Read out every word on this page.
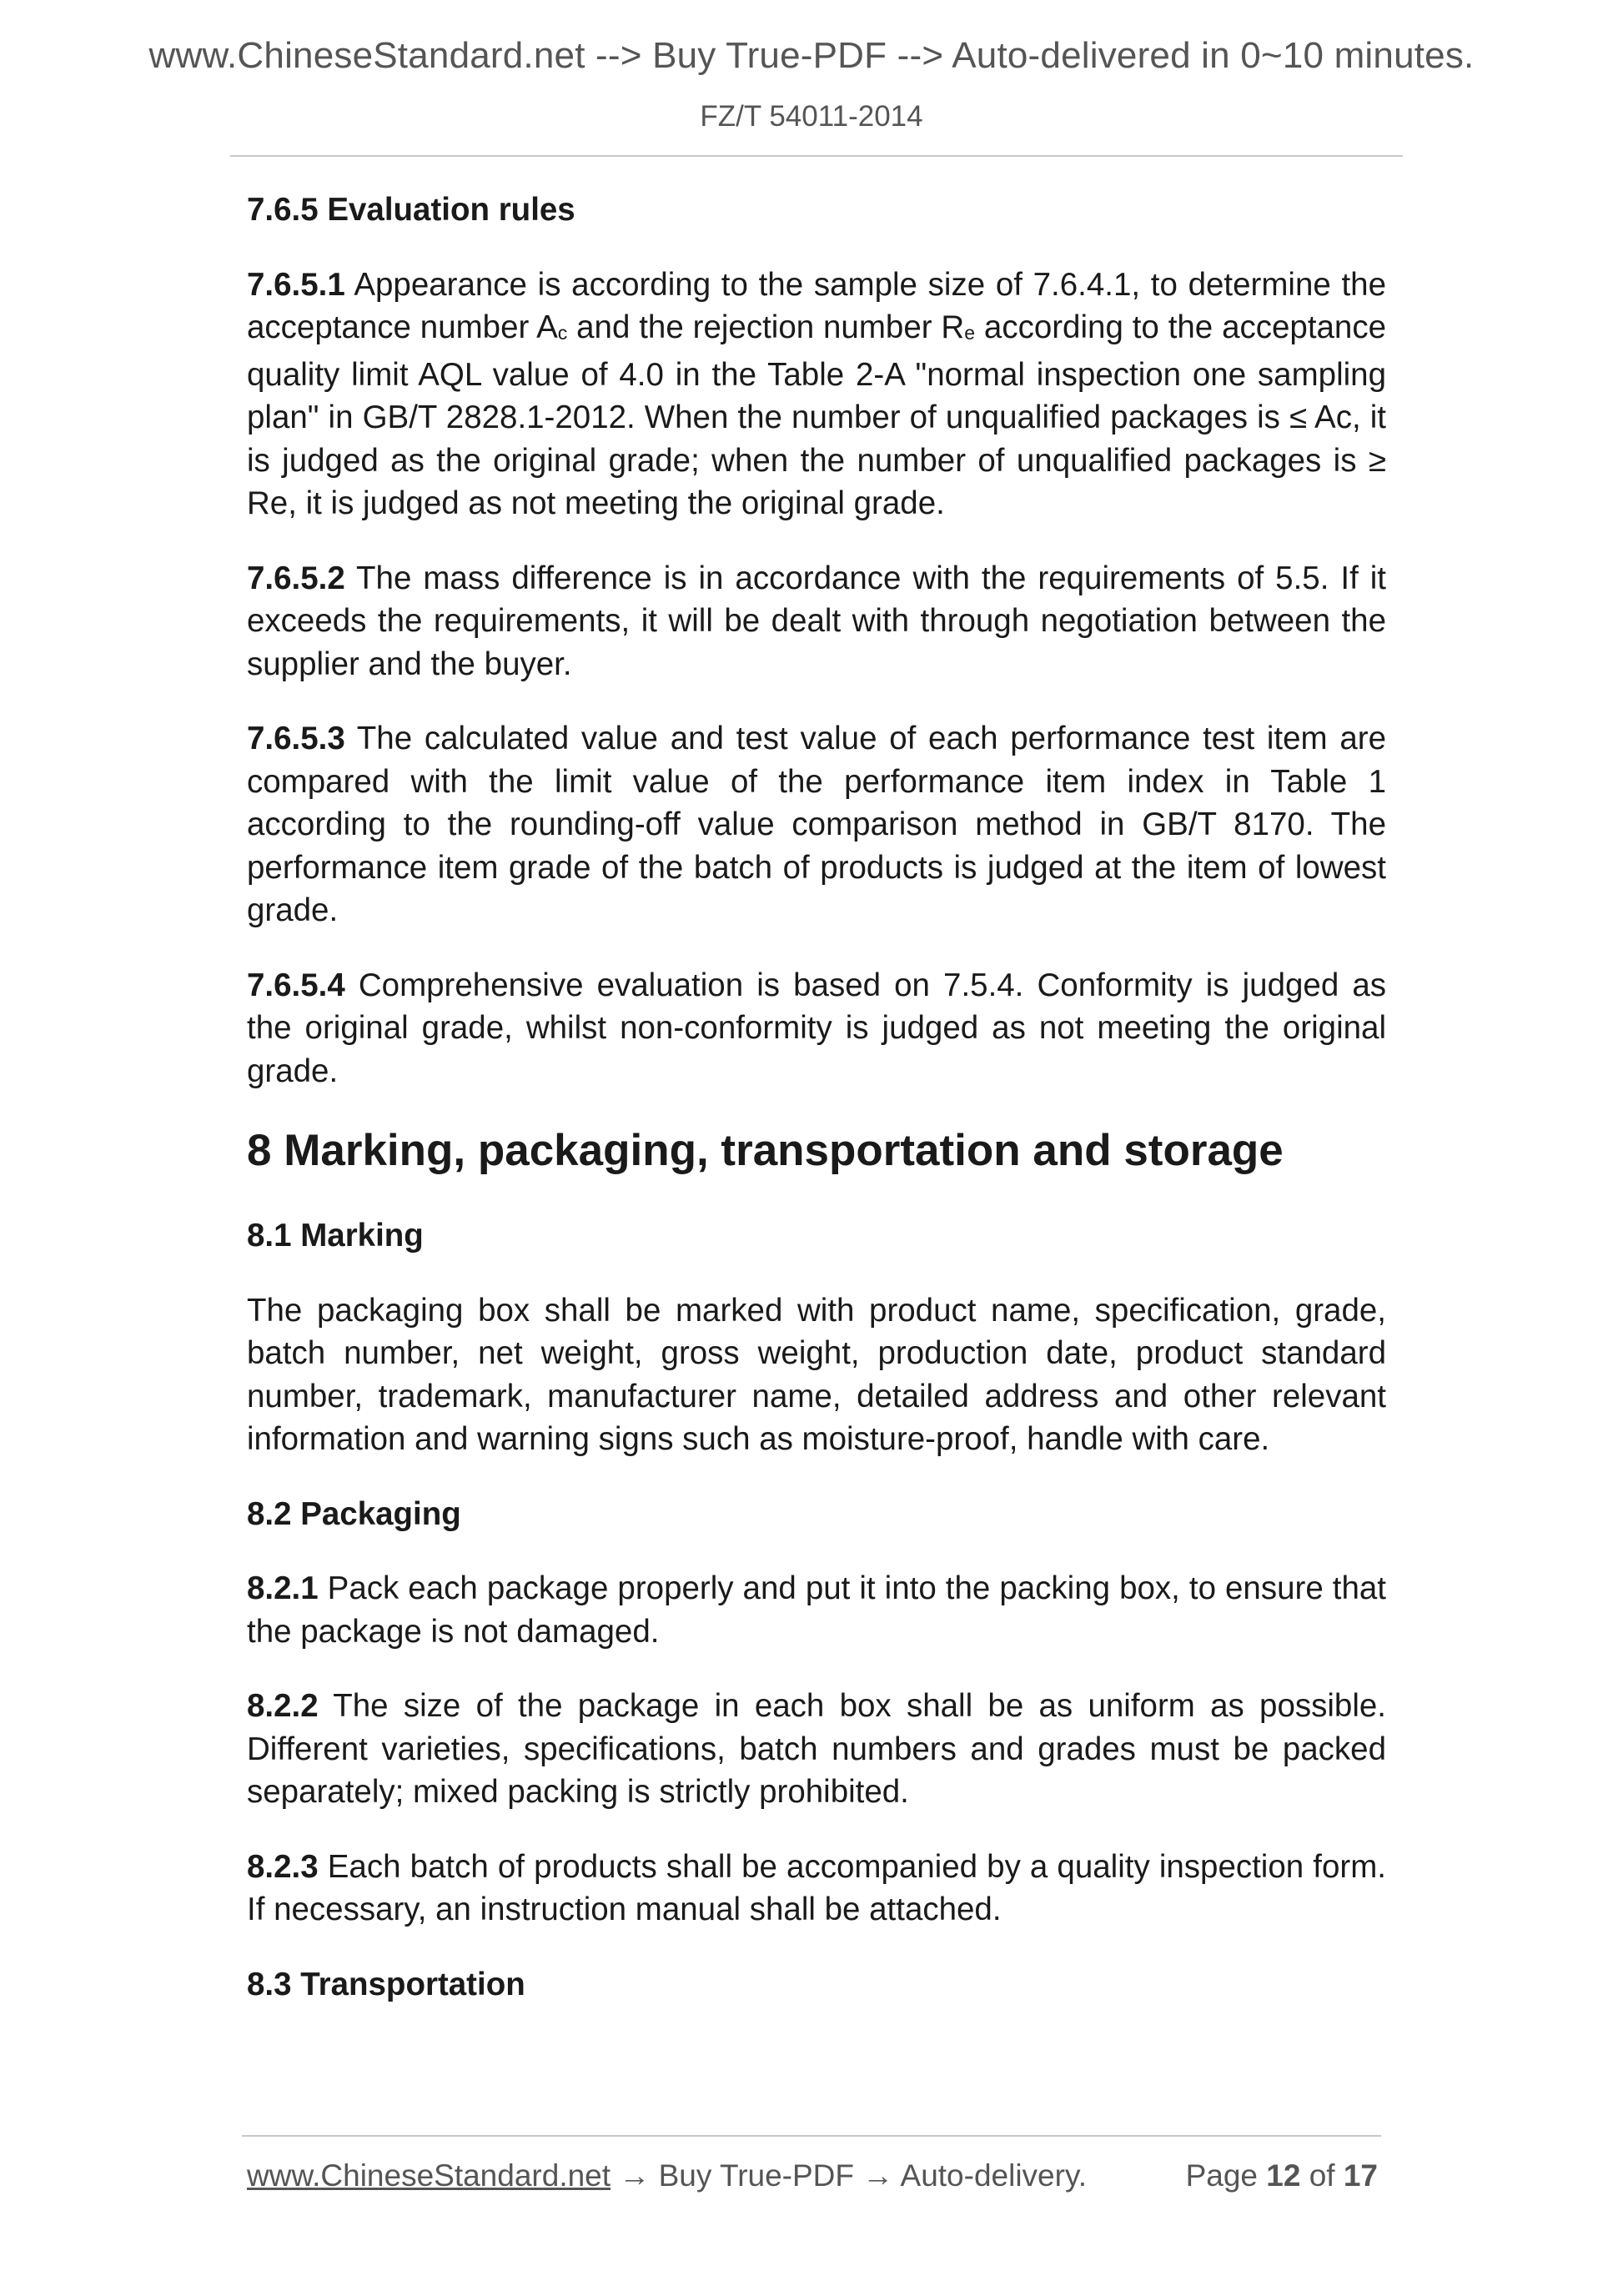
www.ChineseStandard.net --> Buy True-PDF --> Auto-delivered in 0~10 minutes.
FZ/T 54011-2014
7.6.5 Evaluation rules

7.6.5.1 Appearance is according to the sample size of 7.6.4.1, to determine the acceptance number $A_c$ and the rejection number $R_e$ according to the acceptance quality limit AQL value of 4.0 in the Table 2-A "normal inspection one sampling plan" in GB/T 2828.1-2012. When the number of unqualified packages is ≤ Ac, it is judged as the original grade; when the number of unqualified packages is ≥ Re, it is judged as not meeting the original grade.

7.6.5.2 The mass difference is in accordance with the requirements of 5.5. If it exceeds the requirements, it will be dealt with through negotiation between the supplier and the buyer.

7.6.5.3 The calculated value and test value of each performance test item are compared with the limit value of the performance item index in Table 1 according to the rounding-off value comparison method in GB/T 8170. The performance item grade of the batch of products is judged at the item of lowest grade.

7.6.5.4 Comprehensive evaluation is based on 7.5.4. Conformity is judged as the original grade, whilst non-conformity is judged as not meeting the original grade.

8 Marking, packaging, transportation and storage
8.1 Marking

The packaging box shall be marked with product name, specification, grade, batch number, net weight, gross weight, production date, product standard number, trademark, manufacturer name, detailed address and other relevant information and warning signs such as moisture-proof, handle with care.

8.2 Packaging

8.2.1 Pack each package properly and put it into the packing box, to ensure that the package is not damaged.

8.2.2 The size of the package in each box shall be as uniform as possible. Different varieties, specifications, batch numbers and grades must be packed separately; mixed packing is strictly prohibited.

8.2.3 Each batch of products shall be accompanied by a quality inspection form. If necessary, an instruction manual shall be attached.

8.3 Transportation
www.ChineseStandard.net → Buy True-PDF → Auto-delivery.	Page 12 of 17
